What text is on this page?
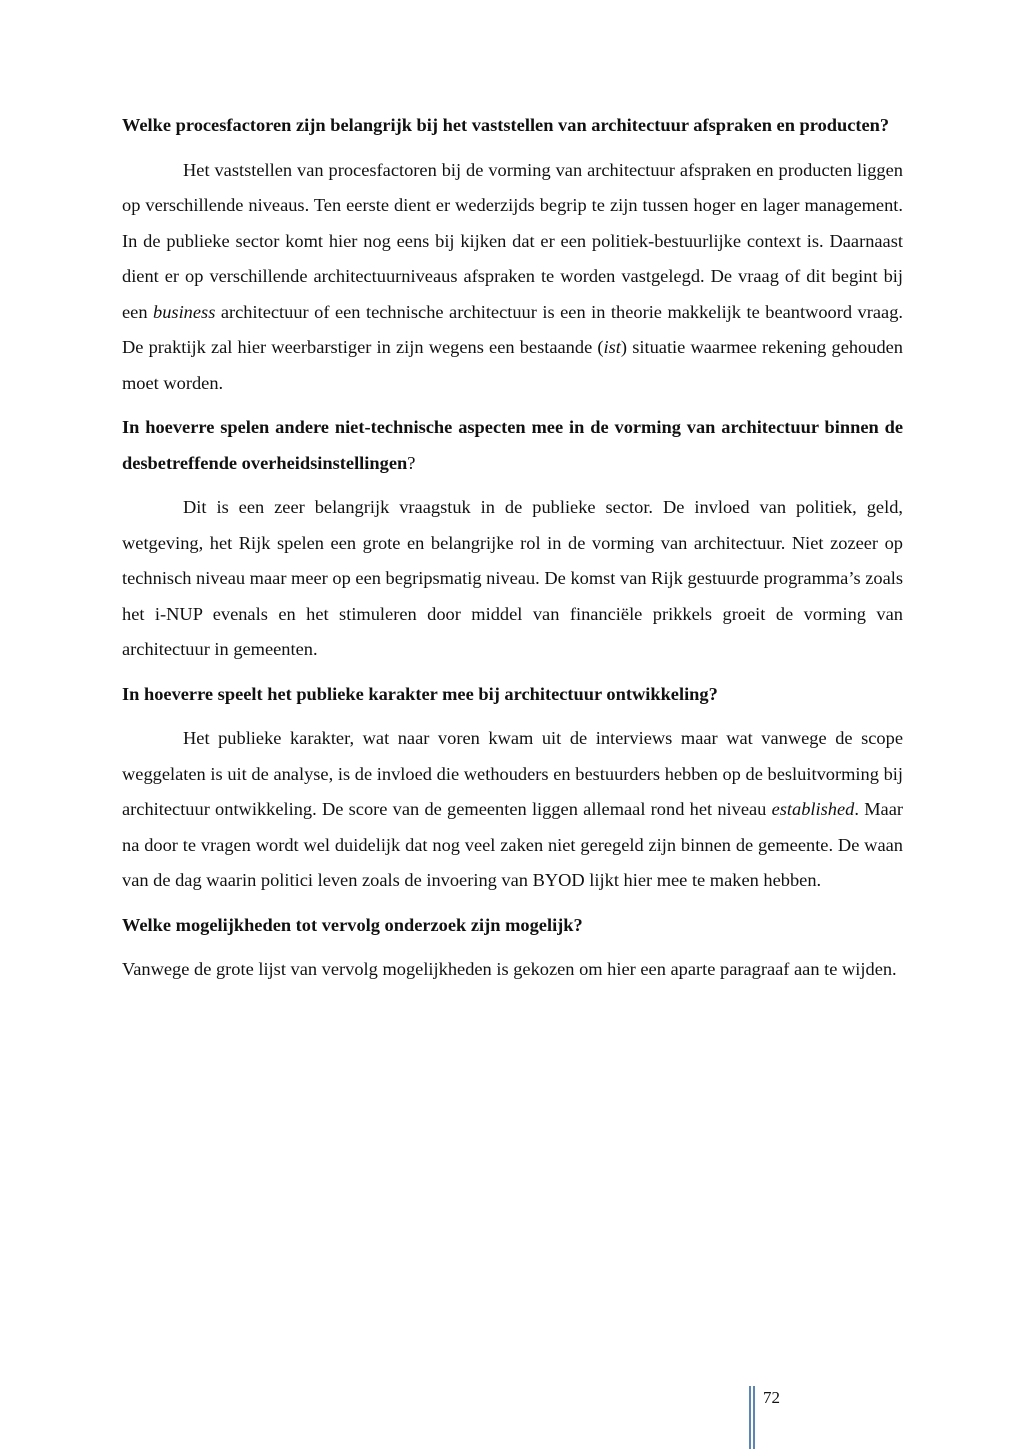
Welke procesfactoren zijn belangrijk bij het vaststellen van architectuur afspraken en producten?

Het vaststellen van procesfactoren bij de vorming van architectuur afspraken en producten liggen op verschillende niveaus. Ten eerste dient er wederzijds begrip te zijn tussen hoger en lager management. In de publieke sector komt hier nog eens bij kijken dat er een politiek-bestuurlijke context is. Daarnaast dient er op verschillende architectuurniveaus afspraken te worden vastgelegd. De vraag of dit begint bij een business architectuur of een technische architectuur is een in theorie makkelijk te beantwoord vraag. De praktijk zal hier weerbarstiger in zijn wegens een bestaande (ist) situatie waarmee rekening gehouden moet worden.

In hoeverre spelen andere niet-technische aspecten mee in de vorming van architectuur binnen de desbetreffende overheidsinstellingen?

Dit is een zeer belangrijk vraagstuk in de publieke sector. De invloed van politiek, geld, wetgeving, het Rijk spelen een grote en belangrijke rol in de vorming van architectuur. Niet zozeer op technisch niveau maar meer op een begripsmatig niveau. De komst van Rijk gestuurde programma’s zoals het i-NUP evenals en het stimuleren door middel van financiële prikkels groeit de vorming van architectuur in gemeenten.

In hoeverre speelt het publieke karakter mee bij architectuur ontwikkeling?

Het publieke karakter, wat naar voren kwam uit de interviews maar wat vanwege de scope weggelaten is uit de analyse, is de invloed die wethouders en bestuurders hebben op de besluitvorming bij architectuur ontwikkeling. De score van de gemeenten liggen allemaal rond het niveau established. Maar na door te vragen wordt wel duidelijk dat nog veel zaken niet geregeld zijn binnen de gemeente. De waan van de dag waarin politici leven zoals de invoering van BYOD lijkt hier mee te maken hebben.

Welke mogelijkheden tot vervolg onderzoek zijn mogelijk?

Vanwege de grote lijst van vervolg mogelijkheden is gekozen om hier een aparte paragraaf aan te wijden.

72
